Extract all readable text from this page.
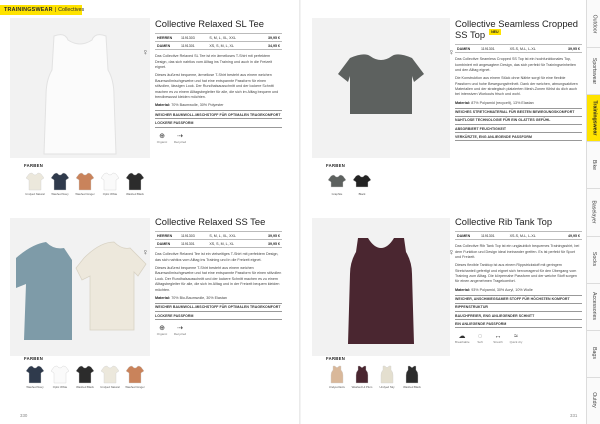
TRAININGSWEAR | Collectives
Outdoor
Sportswear
Trainingswear
Bike
Baselayer
Socks
Accessories
Bags
Outdry
♀
Collective Relaxed SL Tee
HERREN	1191303	S, M, L, XL, XXL	39,95 €
DAMEN	1191301	XS, S, M, L, XL	34,95 €

Das Collective Relaxed SL Tee ist ein ärmelloses T-Shirt mit perfektem Design, das sich nahtlos vom Alltag ins Training und auch in die Freizeit eignet.

Dieses äußerst bequeme, ärmellose T-Shirt besteht aus einem weichen Baumwollmischgewebe und hat eine entspannte Passform für einen stilvollen, lässigen Look. Der Rundhalsausschnitt und der lockere Schnitt machen es zu einem Alltagsbegleiter für alle, die sich im Alltag bequem und trendbewusst kleiden möchten.

Material: 70% Baumwolle, 30% Polyester

WEICHER BAUMWOLL-MISCHSTOFF FÜR OPTIMALEN TRAGEKOMFORT
LOCKERE PASSFORM
⊕
Organic
⇢
Recycled
FARBEN
Undyed Natural	Washed Navy	Washed Ginger	Optic White	Washed Black
♀
Collective Seamless Cropped SS Top NEU
DAMEN	1191301	XS-S, M-L, L-XL	39,95 €

Das Collective Seamless Cropped SS Top ist ein hochfunktionales Top, kombiniert mit angesagtem Design, das sich perfekt für Trainingseinheiten und den Alltag eignet.

Die Konstruktion aus einem Stück ohne Nähte sorgt für eine flexible Passform und hohe Bewegungsfreiheit. Dank der weichen, atmungsaktiven Materialien und der strategisch platzierten Mesh-Zonen fühlst du dich auch bei intensiven Workouts frisch und wohl.

Material: 87% Polyamid (recycelt), 13% Elastan

WEICHES STRETCHMATERIAL FÜR BESTEN BEWEGUNGSKOMFORT
NAHTLOSE TECHNOLOGIE FÜR EIN GLATTES GEFÜHL
ABSORBIERT FEUCHTIGKEIT
VERKÜRZTE, ENG ANLIEGENDE PASSFORM
FARBEN
Graphite	Black
♀
Collective Relaxed SS Tee
HERREN	1191303	S, M, L, XL, XXL	39,95 €
DAMEN	1191301	XS, S, M, L, XL	39,95 €

Das Collective Relaxed Tee ist ein vielseitiges T-Shirt mit perfektem Design, das sich nahtlos vom Alltag ins Training und in die Freizeit eignet.

Dieses äußerst bequeme T-Shirt besteht aus einem weichen Baumwollmischgewebe und hat eine entspannte Passform für einen stilvollen Look. Der Rundhalsausschnitt und der lockere Schnitt machen es zu einem Alltagsbegleiter für alle, die sich im Alltag und in der Freizeit bequem kleiden möchten.

Material: 70% Bio-Baumwolle, 30% Elastan

WEICHER BAUMWOLL-MISCHSTOFF FÜR OPTIMALEN TRAGEKOMFORT
LOCKERE PASSFORM
⊕
Organic
⇢
Recycled
FARBEN
Washed Navy	Optic White	Washed Black	Undyed Natural	Washed Ginger
♀
Collective Rib Tank Top
DAMEN	1191301	XS-S, M-L, L-XL	49,95 €

Das Collective Rib Tank Top ist ein unglaublich bequemes Trainingsshirt, bei dem Funktion und Design ideal ineinander greifen. Es ist perfekt für Sport und Freizeit.

Dieses flexible Tanktop ist aus einem Rippstrickstoff mit geringem Stretchanteil gefertigt und eignet sich hervorragend für den Übergang vom Training zum Alltag. Die körpernahe Passform und der weiche Stoff sorgen für einen angenehmen Tragekomfort.

Material: 93% Polyamid, 30% Acryl, 10% Wolle

WEICHER, ANSCHMIEGSAMER STOFF FÜR HÖCHSTEN KOMFORT
RIPPENSTRUKTUR
BAUCHFREIER, ENG ANLIEGENDER SCHNITT
EIN ANLIEGENDE PASSFORM
☁
Breathable
◌
Soft
↔
Stretch
≈
Quick dry
FARBEN
Undyed Ecru	Washed Hi Plum	Undyed Sky	Washed Black
330	331
